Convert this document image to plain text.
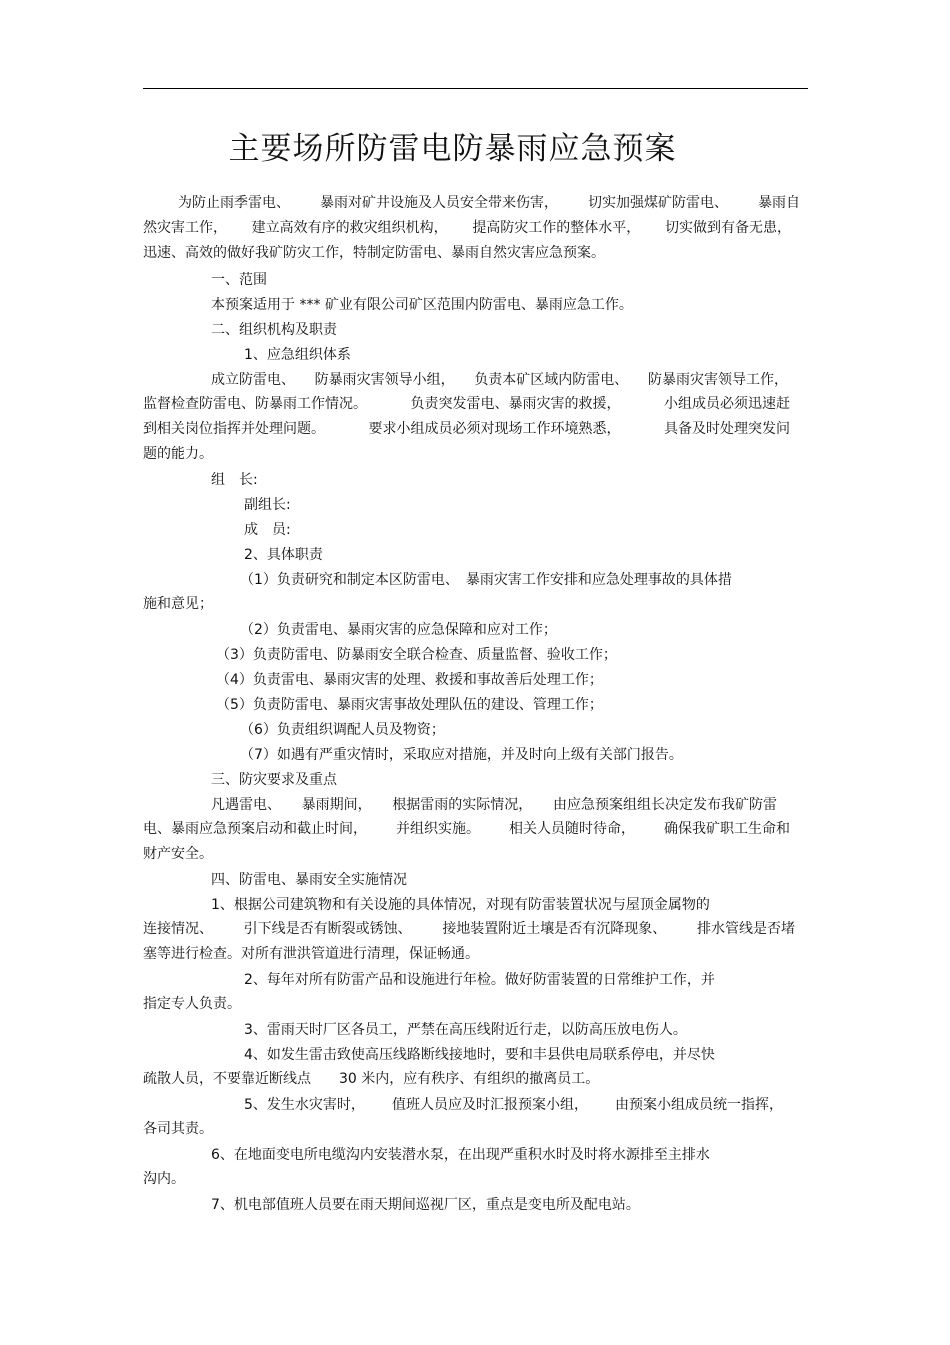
主要场所防雷电防暴雨应急预案
为防止雨季雷电、 暴雨对矿井设施及人员安全带来伤害， 切实加强煤矿防雷电、 暴雨自
然灾害工作， 建立高效有序的救灾组织机构， 提高防灾工作的整体水平， 切实做到有备无患，
迅速、高效的做好我矿防灾工作，特制定防雷电、暴雨自然灾害应急预案。
一、范围
本预案适用于 *** 矿业有限公司矿区范围内防雷电、暴雨应急工作。
二、组织机构及职责
1、应急组织体系
成立防雷电、 防暴雨灾害领导小组， 负责本矿区域内防雷电、 防暴雨灾害领导工作，
监督检查防雷电、防暴雨工作情况。	负责突发雷电、暴雨灾害的救援，	小组成员必须迅速赶
到相关岗位指挥并处理问题。	要求小组成员必须对现场工作环境熟悉，	具备及时处理突发问
题的能力。
组　长:
副组长:
成　员:
2、具体职责
（1）负责研究和制定本区防雷电、　暴雨灾害工作安排和应急处理事故的具体措
施和意见；
（2）负责雷电、暴雨灾害的应急保障和应对工作；
（3）负责防雷电、防暴雨安全联合检查、质量监督、验收工作；
（4）负责雷电、暴雨灾害的处理、救援和事故善后处理工作；
（5）负责防雷电、暴雨灾害事故处理队伍的建设、管理工作；
（6）负责组织调配人员及物资；
（7）如遇有严重灾情时，采取应对措施，并及时向上级有关部门报告。
三、防灾要求及重点
凡遇雷电、 暴雨期间， 根据雷雨的实际情况， 由应急预案组组长决定发布我矿防雷
电、暴雨应急预案启动和截止时间， 并组织实施。 相关人员随时待命， 确保我矿职工生命和
财产安全。
四、防雷电、暴雨安全实施情况
1、根据公司建筑物和有关设施的具体情况，对现有防雷装置状况与屋顶金属物的
连接情况、 引下线是否有断裂或锈蚀、 接地装置附近土壤是否有沉降现象、 排水管线是否堵
塞等进行检查。对所有泄洪管道进行清理，保证畅通。
2、每年对所有防雷产品和设施进行年检。做好防雷装置的日常维护工作，并
指定专人负责。
3、雷雨天时厂区各员工，严禁在高压线附近行走，以防高压放电伤人。
4、如发生雷击致使高压线路断线接地时，要和丰县供电局联系停电，并尽快
疏散人员，不要靠近断线点　　30 米内，应有秩序、有组织的撤离员工。
5、发生水灾害时， 值班人员应及时汇报预案小组， 由预案小组成员统一指挥，
各司其责。
6、在地面变电所电缆沟内安装潜水泵，在出现严重积水时及时将水源排至主排水
沟内。
7、机电部值班人员要在雨天期间巡视厂区，重点是变电所及配电站。
